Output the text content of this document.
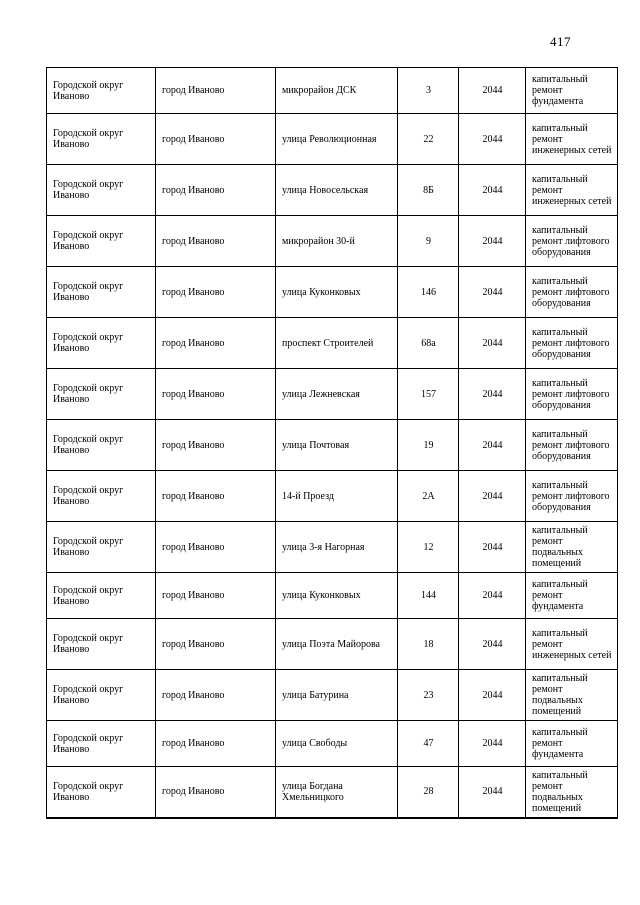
417
Городской округ Иваново	город Иваново	микрорайон ДСК	3	2044	капитальный ремонт фундамента
Городской округ Иваново	город Иваново	улица Революционная	22	2044	капитальный ремонт инженерных сетей
Городской округ Иваново	город Иваново	улица Новосельская	8Б	2044	капитальный ремонт инженерных сетей
Городской округ Иваново	город Иваново	микрорайон 30-й	9	2044	капитальный ремонт лифтового оборудования
Городской округ Иваново	город Иваново	улица Куконковых	146	2044	капитальный ремонт лифтового оборудования
Городской округ Иваново	город Иваново	проспект Строителей	68а	2044	капитальный ремонт лифтового оборудования
Городской округ Иваново	город Иваново	улица Лежневская	157	2044	капитальный ремонт лифтового оборудования
Городской округ Иваново	город Иваново	улица Почтовая	19	2044	капитальный ремонт лифтового оборудования
Городской округ Иваново	город Иваново	14-й Проезд	2А	2044	капитальный ремонт лифтового оборудования
Городской округ Иваново	город Иваново	улица 3-я Нагорная	12	2044	капитальный ремонт подвальных помещений
Городской округ Иваново	город Иваново	улица Куконковых	144	2044	капитальный ремонт фундамента
Городской округ Иваново	город Иваново	улица Поэта Майорова	18	2044	капитальный ремонт инженерных сетей
Городской округ Иваново	город Иваново	улица Батурина	23	2044	капитальный ремонт подвальных помещений
Городской округ Иваново	город Иваново	улица Свободы	47	2044	капитальный ремонт фундамента
Городской округ Иваново	город Иваново	улица Богдана Хмельницкого	28	2044	капитальный ремонт подвальных помещений
